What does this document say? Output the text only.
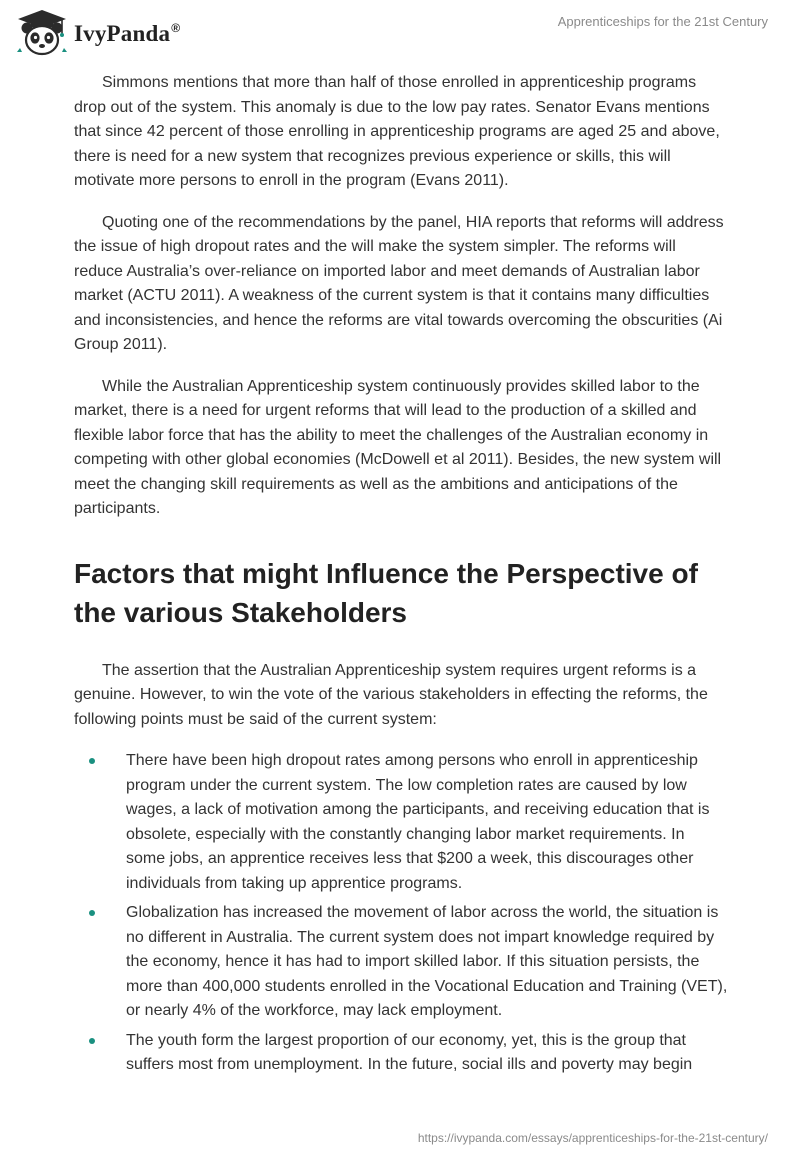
IvyPanda®	Apprenticeships for the 21st Century

Simmons mentions that more than half of those enrolled in apprenticeship programs drop out of the system. This anomaly is due to the low pay rates. Senator Evans mentions that since 42 percent of those enrolling in apprenticeship programs are aged 25 and above, there is need for a new system that recognizes previous experience or skills, this will motivate more persons to enroll in the program (Evans 2011).

Quoting one of the recommendations by the panel, HIA reports that reforms will address the issue of high dropout rates and the will make the system simpler. The reforms will reduce Australia’s over-reliance on imported labor and meet demands of Australian labor market (ACTU 2011). A weakness of the current system is that it contains many difficulties and inconsistencies, and hence the reforms are vital towards overcoming the obscurities (Ai Group 2011).

While the Australian Apprenticeship system continuously provides skilled labor to the market, there is a need for urgent reforms that will lead to the production of a skilled and flexible labor force that has the ability to meet the challenges of the Australian economy in competing with other global economies (McDowell et al 2011). Besides, the new system will meet the changing skill requirements as well as the ambitions and anticipations of the participants.

Factors that might Influence the Perspective of the various Stakeholders

The assertion that the Australian Apprenticeship system requires urgent reforms is a genuine. However, to win the vote of the various stakeholders in effecting the reforms, the following points must be said of the current system:

There have been high dropout rates among persons who enroll in apprenticeship program under the current system. The low completion rates are caused by low wages, a lack of motivation among the participants, and receiving education that is obsolete, especially with the constantly changing labor market requirements. In some jobs, an apprentice receives less that $200 a week, this discourages other individuals from taking up apprentice programs.
Globalization has increased the movement of labor across the world, the situation is no different in Australia. The current system does not impart knowledge required by the economy, hence it has had to import skilled labor. If this situation persists, the more than 400,000 students enrolled in the Vocational Education and Training (VET), or nearly 4% of the workforce, may lack employment.
The youth form the largest proportion of our economy, yet, this is the group that suffers most from unemployment. In the future, social ills and poverty may begin
https://ivypanda.com/essays/apprenticeships-for-the-21st-century/
